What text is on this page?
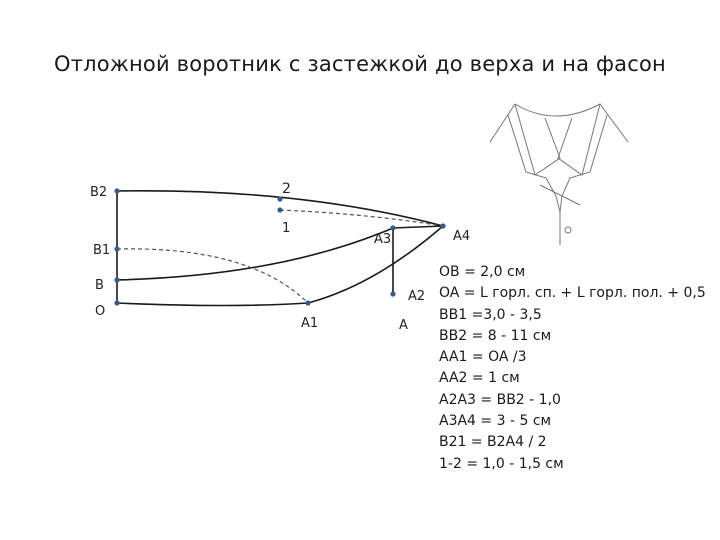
Отложной воротник с застежкой до верха и на фасон
B2
B1
B
O
2
1
A3	A4
A2
A1	A
OB = 2,0 см
OA = L горл. сп. + L горл. пол. + 0,5
BB1 =3,0 - 3,5
BB2 = 8 - 11 см
AA1 = OA /3
AA2 = 1 см
A2A3 = BB2 - 1,0
A3A4 = 3 - 5 см
B21 = B2A4 / 2
1-2 = 1,0 - 1,5 см
